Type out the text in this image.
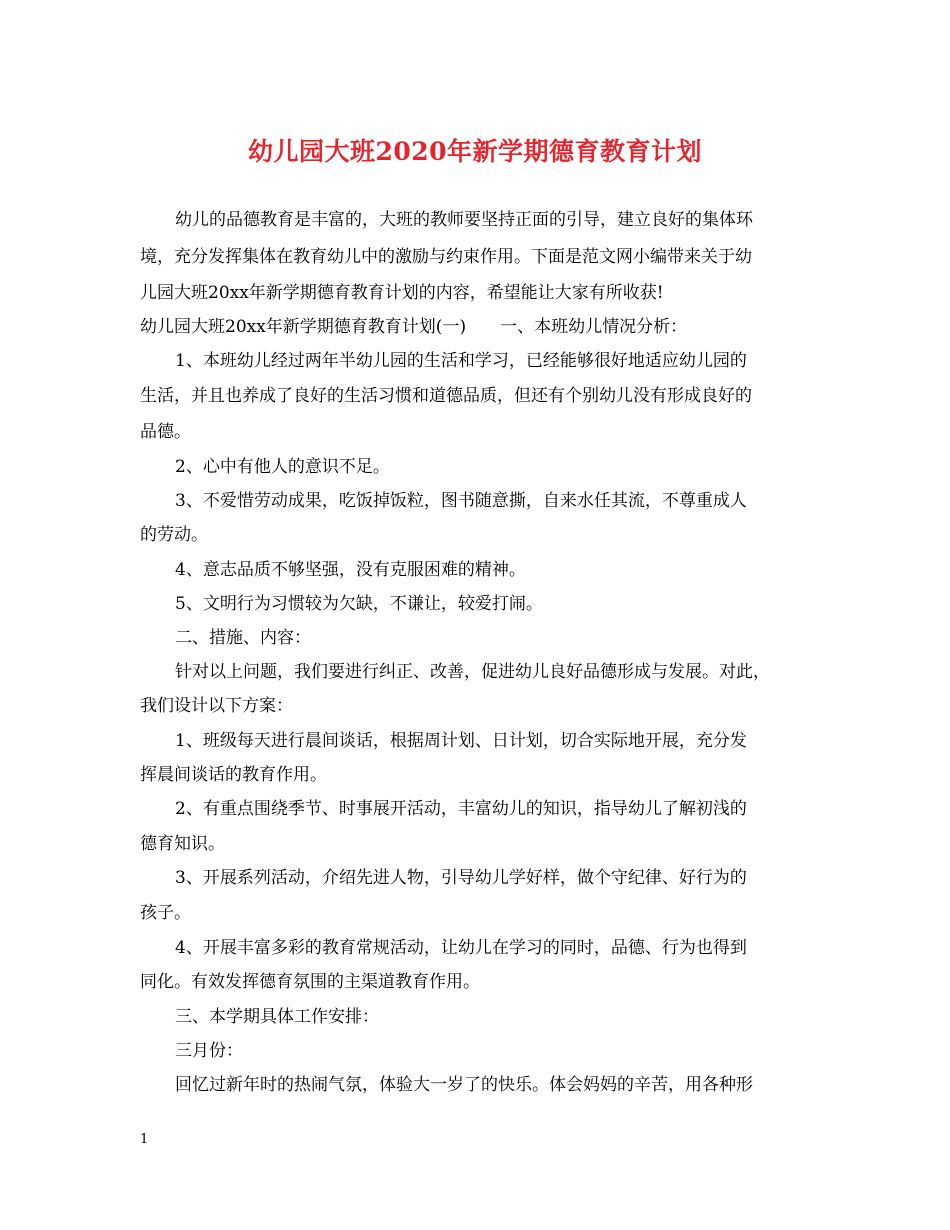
幼儿园大班2020年新学期德育教育计划
幼儿的品德教育是丰富的，大班的教师要坚持正面的引导，建立良好的集体环
境，充分发挥集体在教育幼儿中的激励与约束作用。下面是范文网小编带来关于幼
儿园大班20xx年新学期德育教育计划的内容，希望能让大家有所收获!
幼儿园大班20xx年新学期德育教育计划(一)　　一、本班幼儿情况分析：
1、本班幼儿经过两年半幼儿园的生活和学习，已经能够很好地适应幼儿园的
生活，并且也养成了良好的生活习惯和道德品质，但还有个别幼儿没有形成良好的
品德。
2、心中有他人的意识不足。
3、不爱惜劳动成果，吃饭掉饭粒，图书随意撕，自来水任其流，不尊重成人
的劳动。
4、意志品质不够坚强，没有克服困难的精神。
5、文明行为习惯较为欠缺，不谦让，较爱打闹。
二、措施、内容：
针对以上问题，我们要进行纠正、改善，促进幼儿良好品德形成与发展。对此，
我们设计以下方案：
1、班级每天进行晨间谈话，根据周计划、日计划，切合实际地开展，充分发
挥晨间谈话的教育作用。
2、有重点围绕季节、时事展开活动，丰富幼儿的知识，指导幼儿了解初浅的
德育知识。
3、开展系列活动，介绍先进人物，引导幼儿学好样，做个守纪律、好行为的
孩子。
4、开展丰富多彩的教育常规活动，让幼儿在学习的同时，品德、行为也得到
同化。有效发挥德育氛围的主渠道教育作用。
三、本学期具体工作安排：
三月份：
回忆过新年时的热闹气氛，体验大一岁了的快乐。体会妈妈的辛苦，用各种形
1
